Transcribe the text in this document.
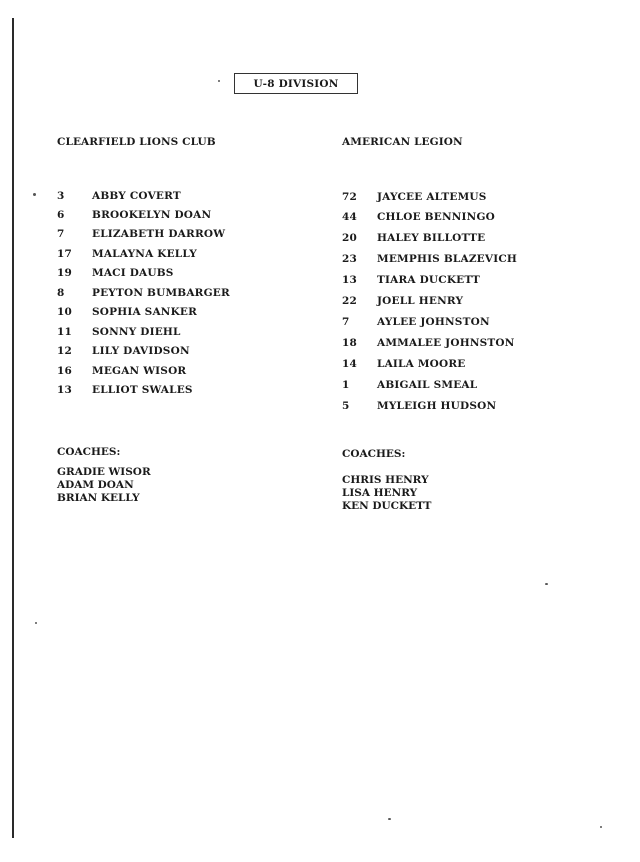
U-8 DIVISION
CLEARFIELD LIONS CLUB
3	ABBY COVERT
6	BROOKELYN DOAN
7	ELIZABETH DARROW
17	MALAYNA KELLY
19	MACI DAUBS
8	PEYTON BUMBARGER
10	SOPHIA SANKER
11	SONNY DIEHL
12	LILY DAVIDSON
16	MEGAN WISOR
13	ELLIOT SWALES
COACHES:
GRADIE WISOR
ADAM DOAN
BRIAN KELLY
AMERICAN LEGION
72	JAYCEE ALTEMUS
44	CHLOE BENNINGO
20	HALEY BILLOTTE
23	MEMPHIS BLAZEVICH
13	TIARA DUCKETT
22	JOELL HENRY
7	AYLEE JOHNSTON
18	AMMALEE JOHNSTON
14	LAILA MOORE
1	ABIGAIL SMEAL
5	MYLEIGH HUDSON
COACHES:
CHRIS HENRY
LISA HENRY
KEN DUCKETT
